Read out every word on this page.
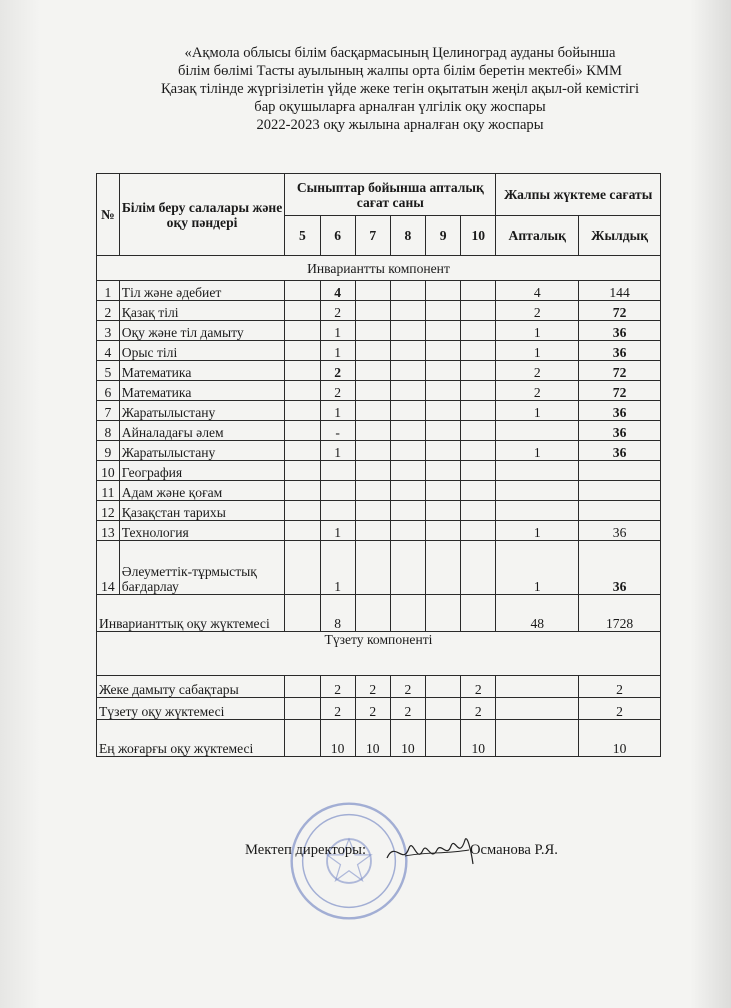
«Ақмола облысы білім басқармасының Целиноград ауданы бойынша
білім бөлімі Тасты ауылының жалпы орта білім беретін мектебі» КММ
Қазақ тілінде жүргізілетін үйде жеке тегін оқытатын жеңіл ақыл-ой кемістігі
бар оқушыларға арналған үлгілік оқу жоспары
2022-2023 оқу жылына арналған оқу жоспары
№	Білім беру салалары және оқу пәндері	Сыныптар бойынша апталық сағат саны						Жалпы жүктеме сағаты	
		5	6	7	8	9	10	Апталық	Жылдық
Инвариантты компонент									
1	Тіл және әдебиет		4					4	144
2	Қазақ тілі		2					2	72
3	Оқу және тіл дамыту		1					1	36
4	Орыс тілі		1					1	36
5	Математика		2					2	72
6	Математика		2					2	72
7	Жаратылыстану		1					1	36
8	Айналадағы әлем		-						36
9	Жаратылыстану		1					1	36
10	География								
11	Адам және қоғам								
12	Қазақстан тарихы								
13	Технология		1					1	36
14	Әлеуметтік-тұрмыстық бағдарлау		1					1	36
Инварианттық оқу жүктемесі			8					48	1728
Түзету компоненті									
Жеке дамыту сабақтары			2	2	2		2		2
Түзету оқу жүктемесі			2	2	2		2		2
Ең жоғарғы оқу жүктемесі			10	10	10		10		10
Мектеп директоры:	Османова Р.Я.
